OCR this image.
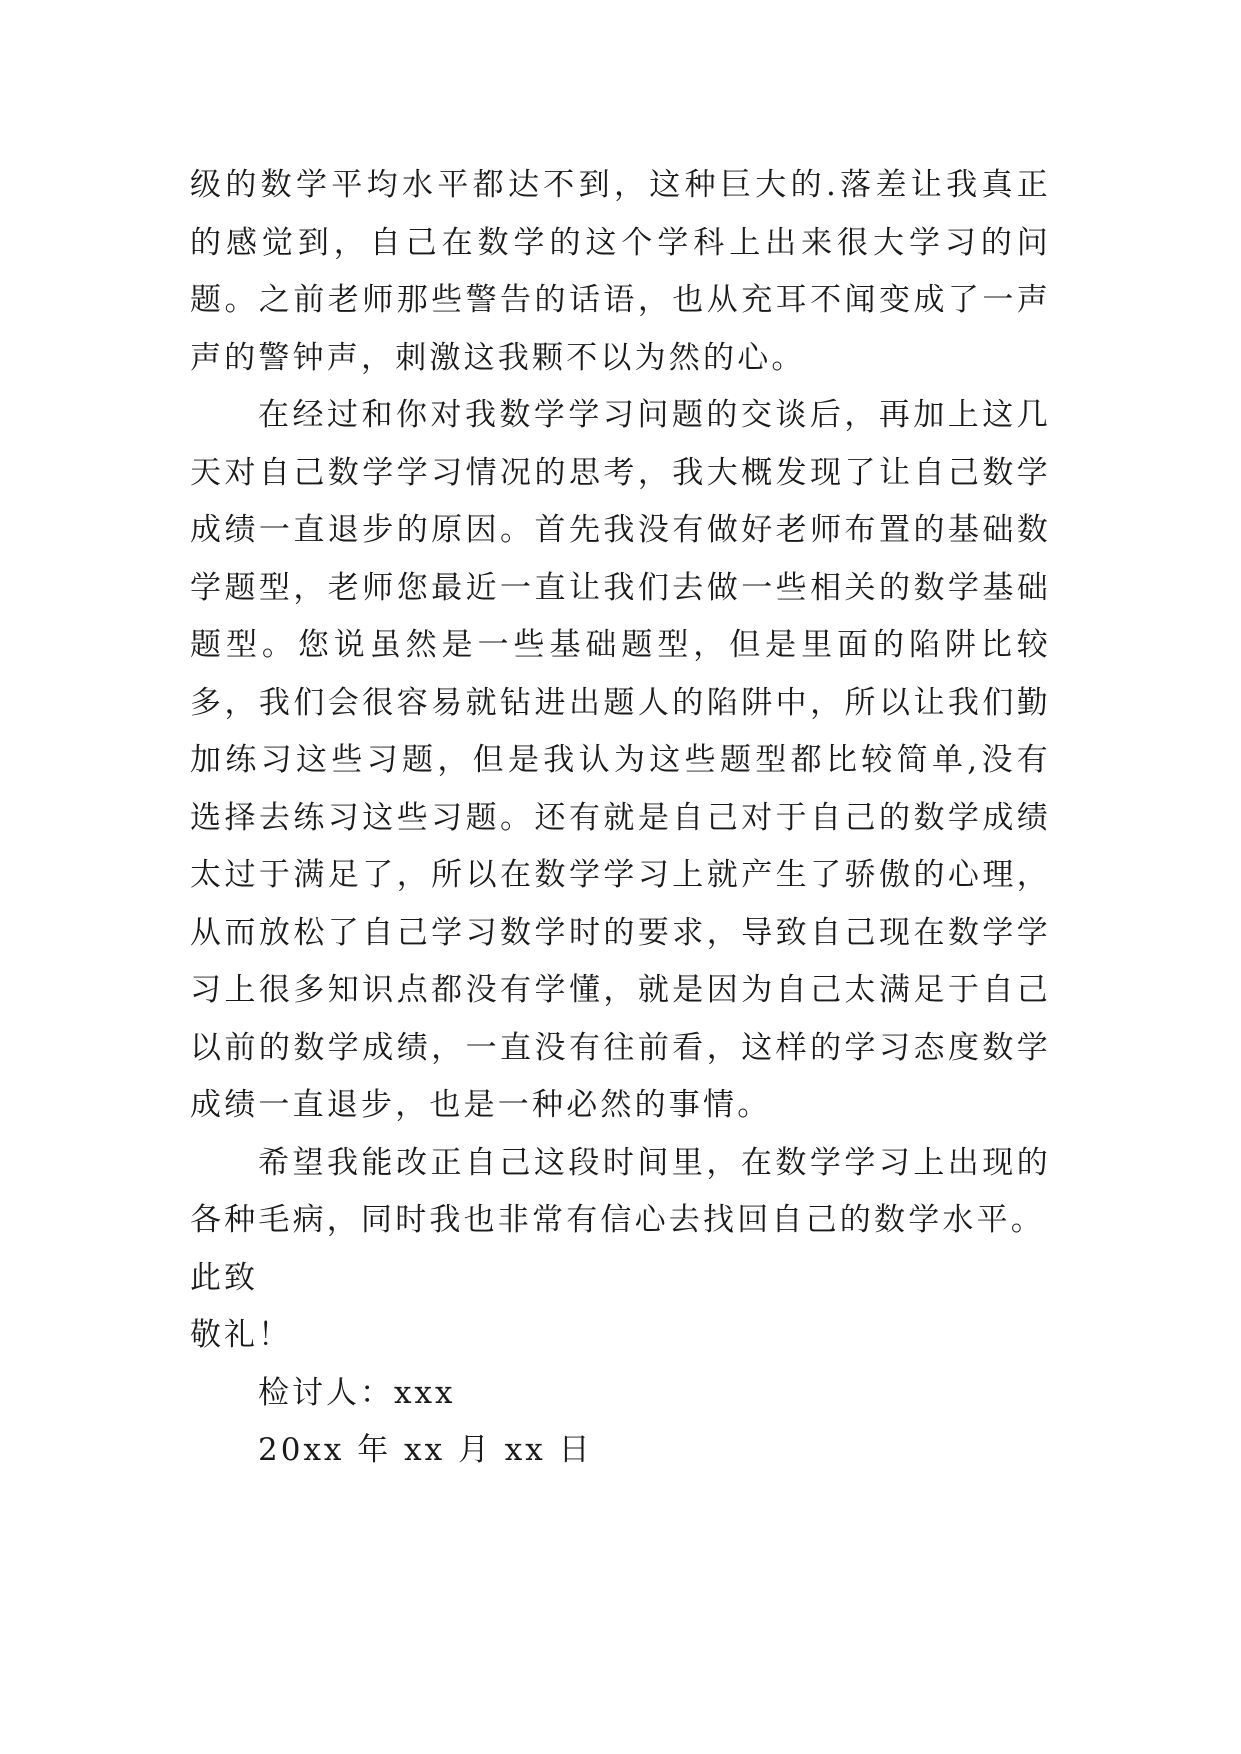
级的数学平均水平都达不到，这种巨大的.落差让我真正的感觉到，自己在数学的这个学科上出来很大学习的问题。之前老师那些警告的话语，也从充耳不闻变成了一声声的警钟声，刺激这我颗不以为然的心。

在经过和你对我数学学习问题的交谈后，再加上这几天对自己数学学习情况的思考，我大概发现了让自己数学成绩一直退步的原因。首先我没有做好老师布置的基础数学题型，老师您最近一直让我们去做一些相关的数学基础题型。您说虽然是一些基础题型，但是里面的陷阱比较多，我们会很容易就钻进出题人的陷阱中，所以让我们勤加练习这些习题，但是我认为这些题型都比较简单,没有选择去练习这些习题。还有就是自己对于自己的数学成绩太过于满足了，所以在数学学习上就产生了骄傲的心理，从而放松了自己学习数学时的要求，导致自己现在数学学习上很多知识点都没有学懂，就是因为自己太满足于自己以前的数学成绩，一直没有往前看，这样的学习态度数学成绩一直退步，也是一种必然的事情。

希望我能改正自己这段时间里，在数学学习上出现的各种毛病，同时我也非常有信心去找回自己的数学水平。

此致

敬礼！

检讨人：xxx

20xx 年 xx 月 xx 日
